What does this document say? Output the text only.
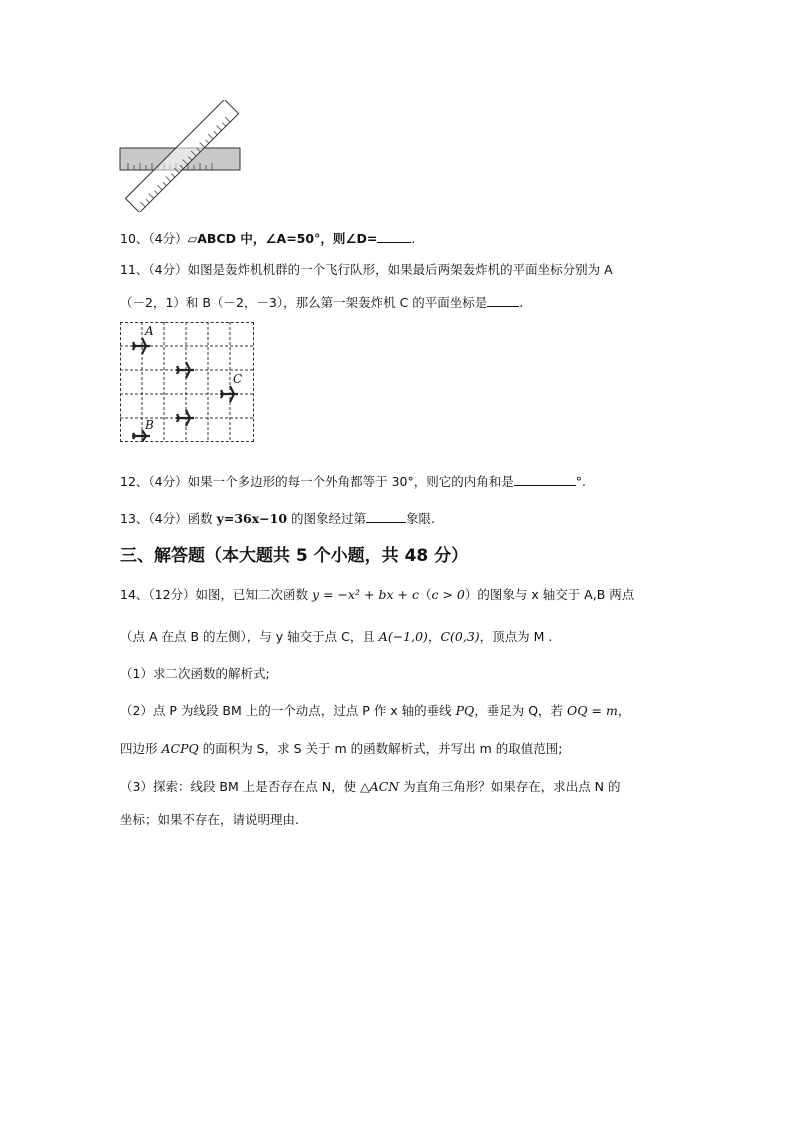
10、（4分）▱ABCD 中，∠A=50°，则∠D=	.
11、（4分）如图是轰炸机机群的一个飞行队形，如果最后两架轰炸机的平面坐标分别为 A
（－2，1）和 B（－2，－3），那么第一架轰炸机 C 的平面坐标是	.
A
C
B
12、（4分）如果一个多边形的每一个外角都等于 30°，则它的内角和是	°.
13、（4分）函数 y=36x−10 的图象经过第	象限.
三、解答题（本大题共 5 个小题，共 48 分）
14、（12分）如图，已知二次函数 y = −x² + bx + c（c > 0）的图象与 x 轴交于 A,B 两点
（点 A 在点 B 的左侧），与 y 轴交于点 C，且 A(−1,0)，C(0,3)，顶点为 M .
（1）求二次函数的解析式;
（2）点 P 为线段 BM 上的一个动点，过点 P 作 x 轴的垂线 PQ，垂足为 Q，若 OQ = m，
四边形 ACPQ 的面积为 S，求 S 关于 m 的函数解析式，并写出 m 的取值范围;
（3）探索：线段 BM 上是否存在点 N，使 △ACN 为直角三角形？如果存在，求出点 N 的
坐标；如果不存在，请说明理由.
